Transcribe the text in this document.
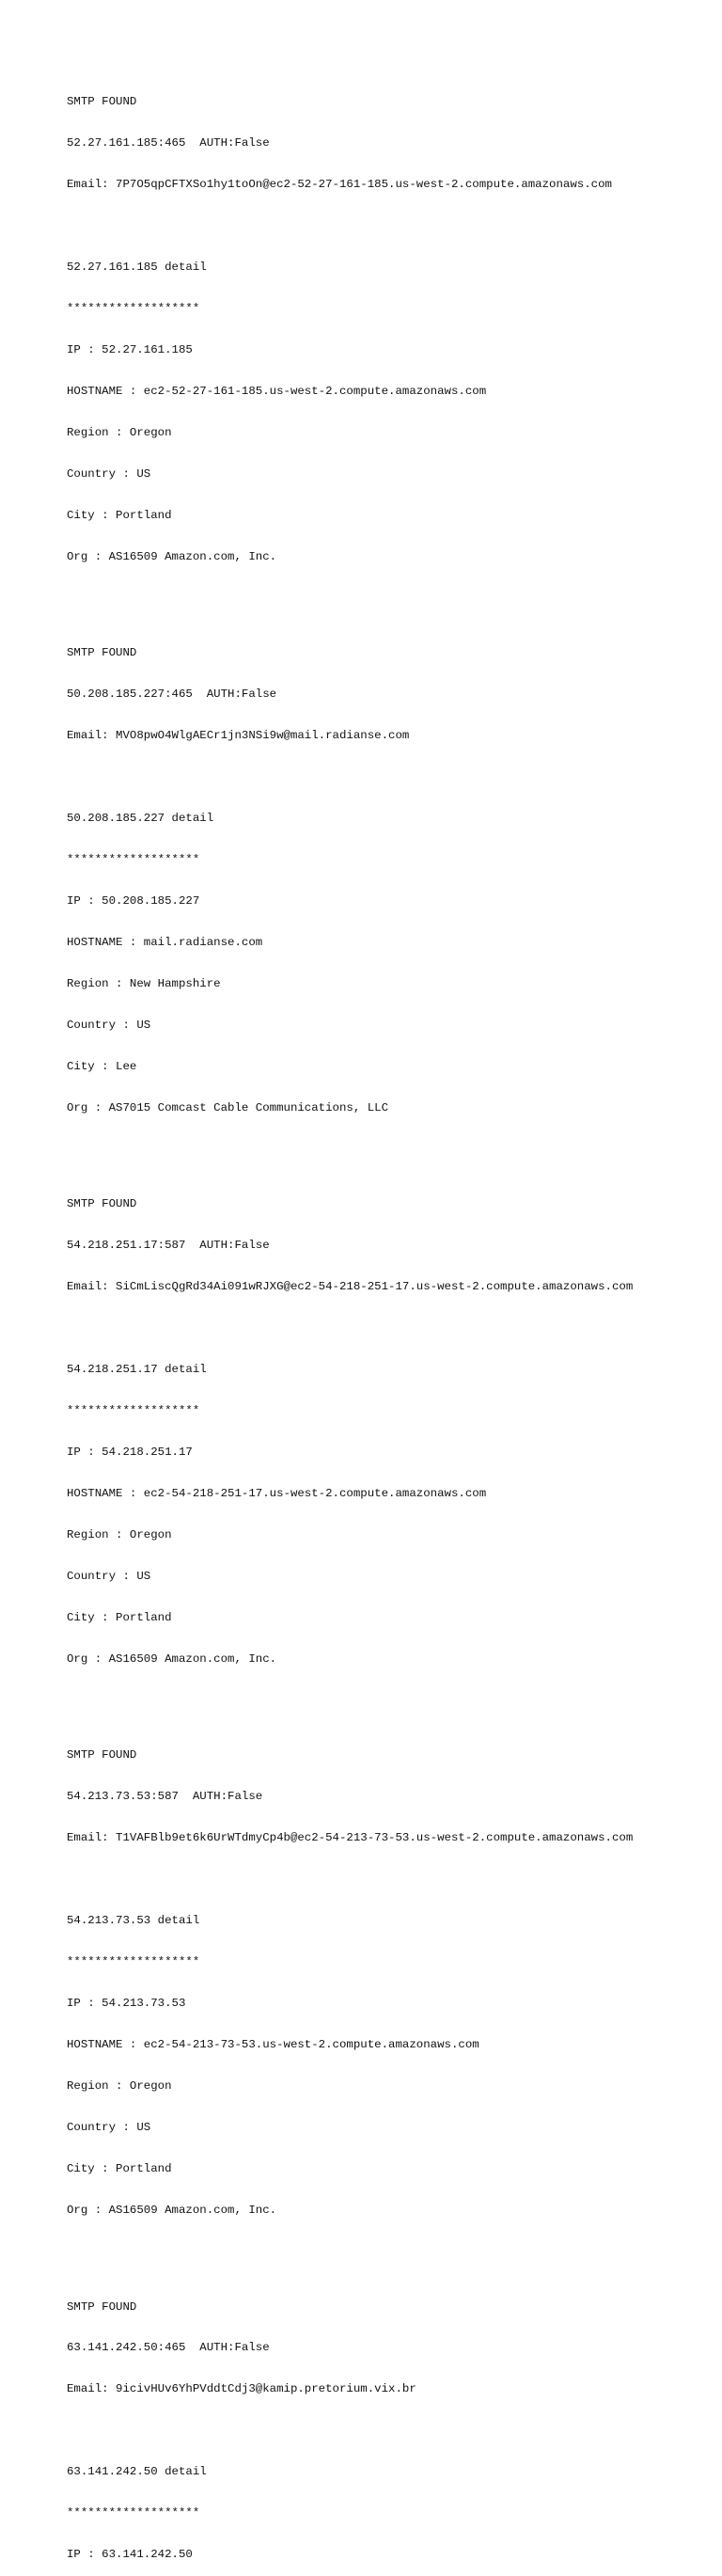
SMTP FOUND

52.27.161.185:465  AUTH:False

Email: 7P7O5qpCFTXSo1hy1toOn@ec2-52-27-161-185.us-west-2.compute.amazonaws.com

52.27.161.185 detail

*******************

IP : 52.27.161.185

HOSTNAME : ec2-52-27-161-185.us-west-2.compute.amazonaws.com

Region : Oregon

Country : US

City : Portland

Org : AS16509 Amazon.com, Inc.

SMTP FOUND

50.208.185.227:465  AUTH:False

Email: MVO8pwO4WlgAECr1jn3NSi9w@mail.radianse.com

50.208.185.227 detail

*******************

IP : 50.208.185.227

HOSTNAME : mail.radianse.com

Region : New Hampshire

Country : US

City : Lee

Org : AS7015 Comcast Cable Communications, LLC

SMTP FOUND

54.218.251.17:587  AUTH:False

Email: SiCmLiscQgRd34Ai091wRJXG@ec2-54-218-251-17.us-west-2.compute.amazonaws.com

54.218.251.17 detail

*******************

IP : 54.218.251.17

HOSTNAME : ec2-54-218-251-17.us-west-2.compute.amazonaws.com

Region : Oregon

Country : US

City : Portland

Org : AS16509 Amazon.com, Inc.

SMTP FOUND

54.213.73.53:587  AUTH:False

Email: T1VAFBlb9et6k6UrWTdmyCp4b@ec2-54-213-73-53.us-west-2.compute.amazonaws.com

54.213.73.53 detail

*******************

IP : 54.213.73.53

HOSTNAME : ec2-54-213-73-53.us-west-2.compute.amazonaws.com

Region : Oregon

Country : US

City : Portland

Org : AS16509 Amazon.com, Inc.

SMTP FOUND

63.141.242.50:465  AUTH:False

Email: 9icivHUv6YhPVddtCdj3@kamip.pretorium.vix.br

63.141.242.50 detail

*******************

IP : 63.141.242.50
